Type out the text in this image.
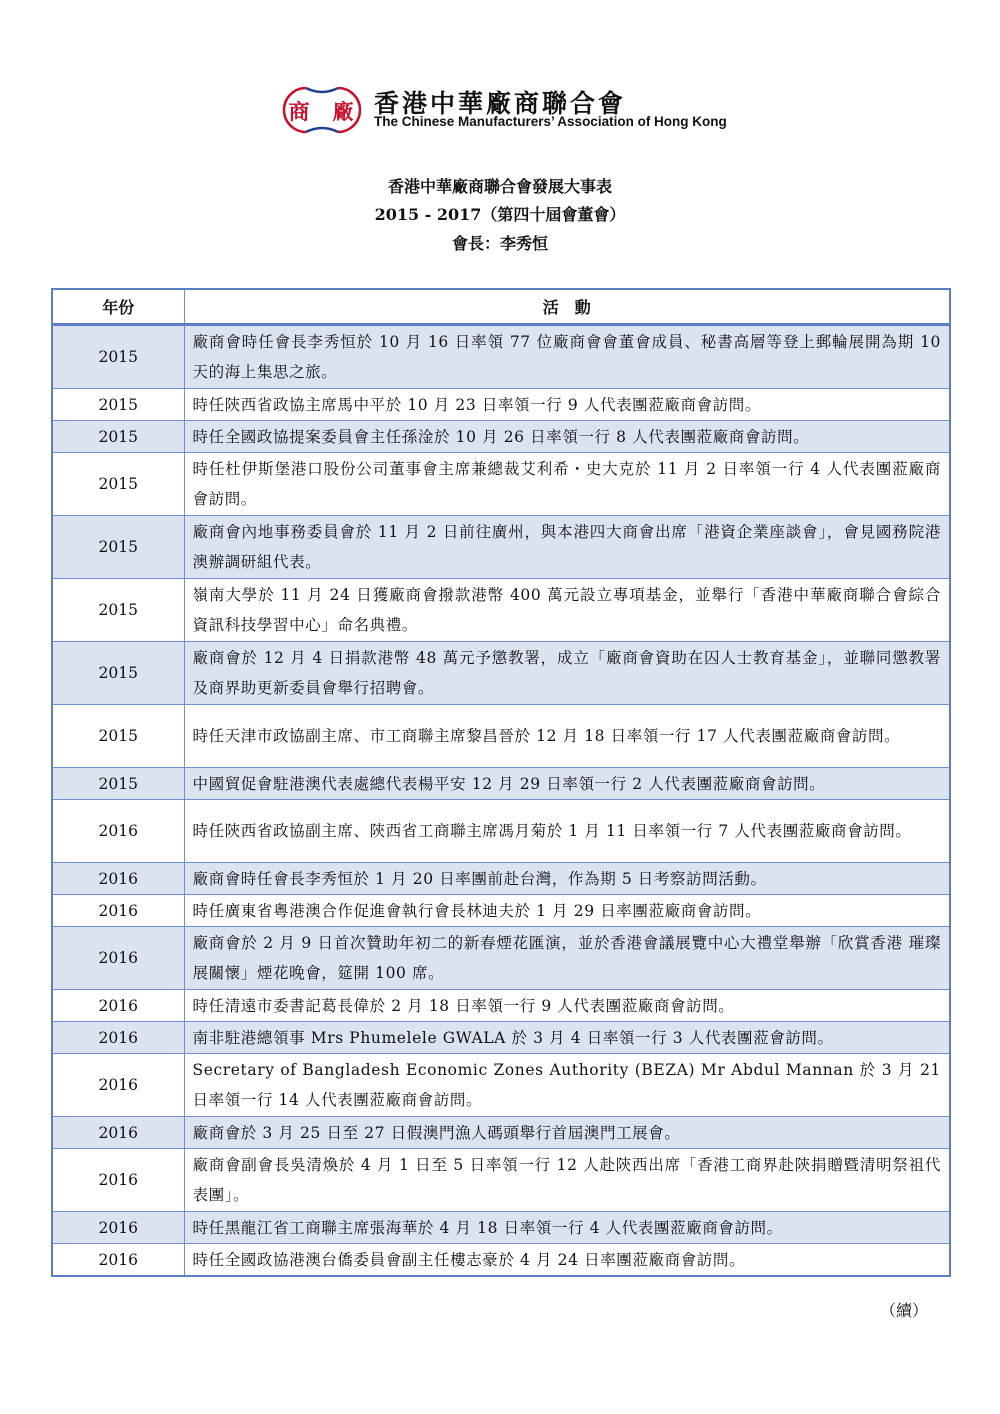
商 廠 香港中華廠商聯合會
The Chinese Manufacturers’ Association of Hong Kong
香港中華廠商聯合會發展大事表
2015 - 2017（第四十屆會董會）
會長：李秀恒
年份	活　動
2015	廠商會時任會長李秀恒於 10 月 16 日率領 77 位廠商會會董會成員、秘書高層等登上郵輪展開為期 10 天的海上集思之旅。
2015	時任陝西省政協主席馬中平於 10 月 23 日率領一行 9 人代表團蒞廠商會訪問。
2015	時任全國政協提案委員會主任孫淦於 10 月 26 日率領一行 8 人代表團蒞廠商會訪問。
2015	時任杜伊斯堡港口股份公司董事會主席兼總裁艾利希・史大克於 11 月 2 日率領一行 4 人代表團蒞廠商會訪問。
2015	廠商會內地事務委員會於 11 月 2 日前往廣州，與本港四大商會出席「港資企業座談會」，會見國務院港澳辦調研組代表。
2015	嶺南大學於 11 月 24 日獲廠商會撥款港幣 400 萬元設立專項基金，並舉行「香港中華廠商聯合會綜合資訊科技學習中心」命名典禮。
2015	廠商會於 12 月 4 日捐款港幣 48 萬元予懲教署，成立「廠商會資助在囚人士教育基金」，並聯同懲教署及商界助更新委員會舉行招聘會。
2015	時任天津市政協副主席、市工商聯主席黎昌晉於 12 月 18 日率領一行 17 人代表團蒞廠商會訪問。
2015	中國貿促會駐港澳代表處總代表楊平安 12 月 29 日率領一行 2 人代表團蒞廠商會訪問。
2016	時任陝西省政協副主席、陝西省工商聯主席馮月菊於 1 月 11 日率領一行 7 人代表團蒞廠商會訪問。
2016	廠商會時任會長李秀恒於 1 月 20 日率團前赴台灣，作為期 5 日考察訪問活動。
2016	時任廣東省粵港澳合作促進會執行會長林迪夫於 1 月 29 日率團蒞廠商會訪問。
2016	廠商會於 2 月 9 日首次贊助年初二的新春煙花匯演，並於香港會議展覽中心大禮堂舉辦「欣賞香港 璀璨展關懷」煙花晚會，筵開 100 席。
2016	時任清遠市委書記葛長偉於 2 月 18 日率領一行 9 人代表團蒞廠商會訪問。
2016	南非駐港總領事 Mrs Phumelele GWALA 於 3 月 4 日率領一行 3 人代表團蒞會訪問。
2016	Secretary of Bangladesh Economic Zones Authority (BEZA) Mr Abdul Mannan 於 3 月 21 日率領一行 14 人代表團蒞廠商會訪問。
2016	廠商會於 3 月 25 日至 27 日假澳門漁人碼頭舉行首屆澳門工展會。
2016	廠商會副會長吳清煥於 4 月 1 日至 5 日率領一行 12 人赴陝西出席「香港工商界赴陝捐贈暨清明祭祖代表團」。
2016	時任黑龍江省工商聯主席張海華於 4 月 18 日率領一行 4 人代表團蒞廠商會訪問。
2016	時任全國政協港澳台僑委員會副主任樓志豪於 4 月 24 日率團蒞廠商會訪問。
（續）
